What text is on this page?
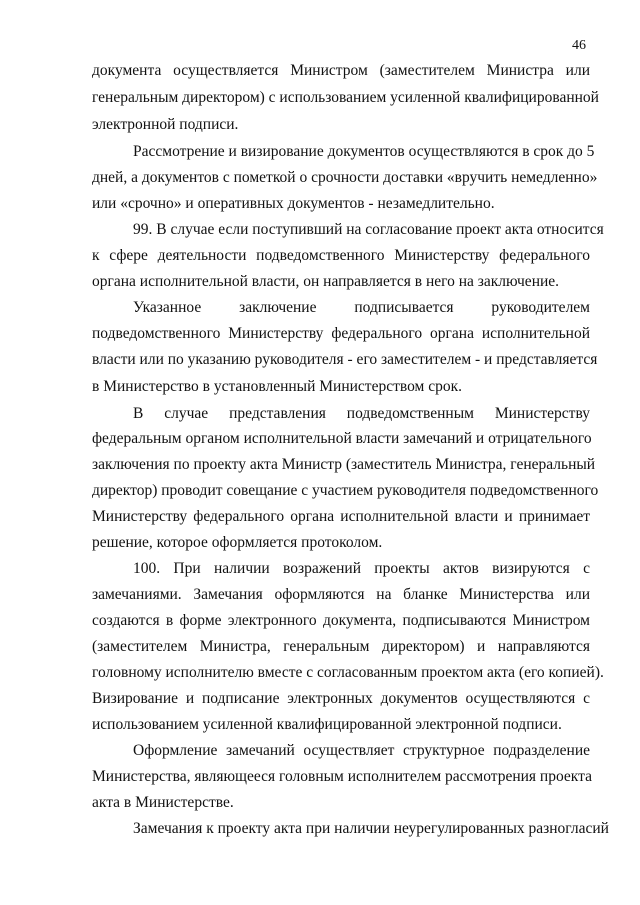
46
документа осуществляется Министром (заместителем Министра или
генеральным директором) с использованием усиленной квалифицированной
электронной подписи.
Рассмотрение и визирование документов осуществляются в срок до 5
дней, а документов с пометкой о срочности доставки «вручить немедленно»
или «срочно» и оперативных документов - незамедлительно.
99. В случае если поступивший на согласование проект акта относится
к сфере деятельности подведомственного Министерству федерального
органа исполнительной власти, он направляется в него на заключение.
Указанное заключение подписывается руководителем
подведомственного Министерству федерального органа исполнительной
власти или по указанию руководителя - его заместителем - и представляется
в Министерство в установленный Министерством срок.
В случае представления подведомственным Министерству
федеральным органом исполнительной власти замечаний и отрицательного
заключения по проекту акта Министр (заместитель Министра, генеральный
директор) проводит совещание с участием руководителя подведомственного
Министерству федерального органа исполнительной власти и принимает
решение, которое оформляется протоколом.
100. При наличии возражений проекты актов визируются с
замечаниями. Замечания оформляются на бланке Министерства или
создаются в форме электронного документа, подписываются Министром
(заместителем Министра, генеральным директором) и направляются
головному исполнителю вместе с согласованным проектом акта (его копией).
Визирование и подписание электронных документов осуществляются с
использованием усиленной квалифицированной электронной подписи.
Оформление замечаний осуществляет структурное подразделение
Министерства, являющееся головным исполнителем рассмотрения проекта
акта в Министерстве.
Замечания к проекту акта при наличии неурегулированных разногласий
